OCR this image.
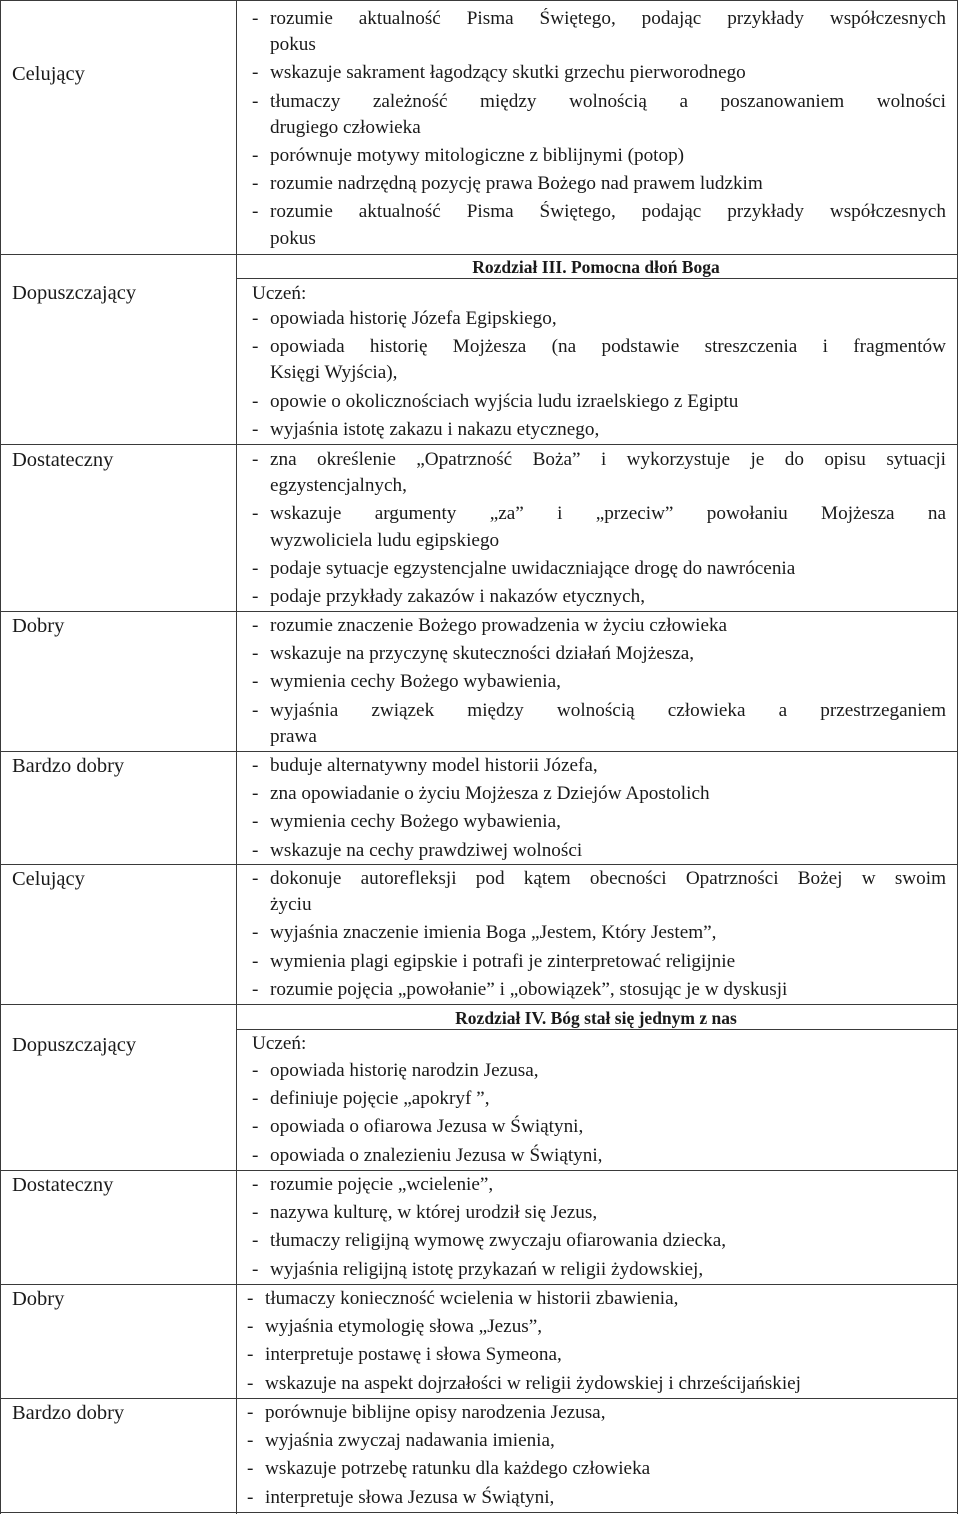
Celujący
Dopuszczający
Dostateczny
Dobry
Bardzo dobry
Celujący
Dopuszczający
Dostateczny
Dobry
Bardzo dobry
Rozdział III. Pomocna dłoń Boga
Rozdział IV. Bóg stał się jednym z nas
Uczeń:
Uczeń:
- rozumie aktualność Pisma Świętego, podając przykłady współczesnych
pokus
- wskazuje sakrament łagodzący skutki grzechu pierworodnego
- tłumaczy zależność między wolnością a poszanowaniem wolności
drugiego człowieka
- porównuje motywy mitologiczne z biblijnymi (potop)
- rozumie nadrzędną pozycję prawa Bożego nad prawem ludzkim
- rozumie aktualność Pisma Świętego, podając przykłady współczesnych
pokus
- opowiada historię Józefa Egipskiego,
- opowiada historię Mojżesza (na podstawie streszczenia i fragmentów
Księgi Wyjścia),
- opowie o okolicznościach wyjścia ludu izraelskiego z Egiptu
- wyjaśnia istotę zakazu i nakazu etycznego,
- zna określenie „Opatrzność Boża” i wykorzystuje je do opisu sytuacji
egzystencjalnych,
- wskazuje argumenty „za” i „przeciw” powołaniu Mojżesza na
wyzwoliciela ludu egipskiego
- podaje sytuacje egzystencjalne uwidaczniające drogę do nawrócenia
- podaje przykłady zakazów i nakazów etycznych,
- rozumie znaczenie Bożego prowadzenia w życiu człowieka
- wskazuje na przyczynę skuteczności działań Mojżesza,
- wymienia cechy Bożego wybawienia,
- wyjaśnia związek między wolnością człowieka a przestrzeganiem
prawa
- buduje alternatywny model historii Józefa,
- zna opowiadanie o życiu Mojżesza z Dziejów Apostolich
- wymienia cechy Bożego wybawienia,
- wskazuje na cechy prawdziwej wolności
- dokonuje autorefleksji pod kątem obecności Opatrzności Bożej w swoim
życiu
- wyjaśnia znaczenie imienia Boga „Jestem, Który Jestem”,
- wymienia plagi egipskie i potrafi je zinterpretować religijnie
- rozumie pojęcia „powołanie” i „obowiązek”, stosując je w dyskusji
- opowiada historię narodzin Jezusa,
- definiuje pojęcie „apokryf ”,
- opowiada o ofiarowa Jezusa w Świątyni,
- opowiada o znalezieniu Jezusa w Świątyni,
- rozumie pojęcie „wcielenie”,
- nazywa kulturę, w której urodził się Jezus,
- tłumaczy religijną wymowę zwyczaju ofiarowania dziecka,
- wyjaśnia religijną istotę przykazań w religii żydowskiej,
- tłumaczy konieczność wcielenia w historii zbawienia,
- wyjaśnia etymologię słowa „Jezus”,
- interpretuje postawę i słowa Symeona,
- wskazuje na aspekt dojrzałości w religii żydowskiej i chrześcijańskiej
- porównuje biblijne opisy narodzenia Jezusa,
- wyjaśnia zwyczaj nadawania imienia,
- wskazuje potrzebę ratunku dla każdego człowieka
- interpretuje słowa Jezusa w Świątyni,
